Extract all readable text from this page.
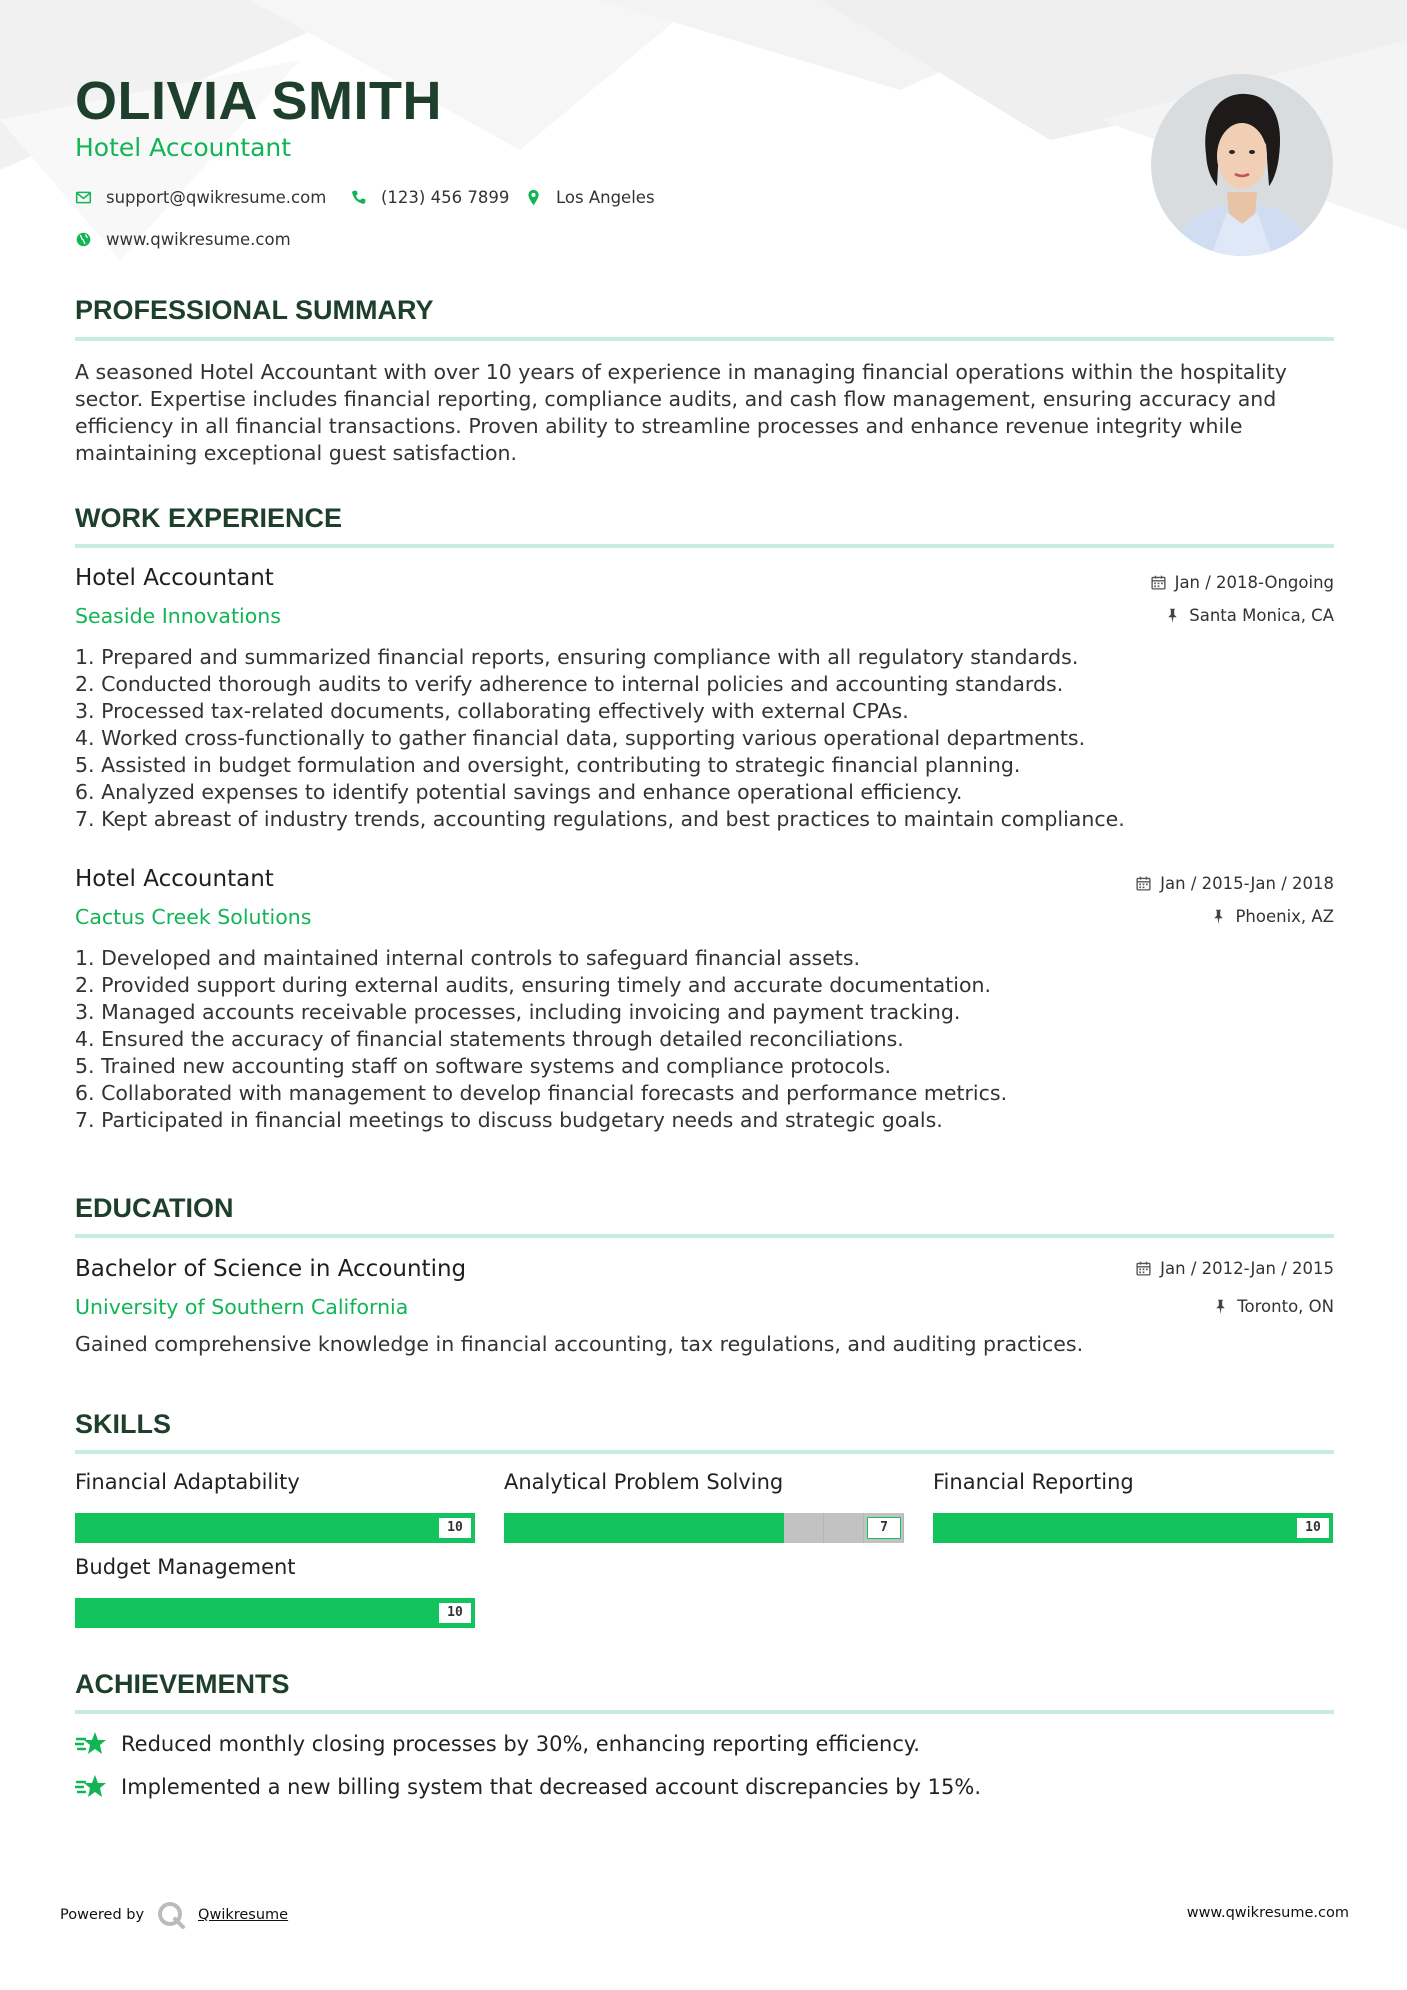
OLIVIA SMITH

Hotel Accountant

support@qwikresume.com	(123) 456 7899	Los Angeles
www.qwikresume.com
PROFESSIONAL SUMMARY

A seasoned Hotel Accountant with over 10 years of experience in managing financial operations within the hospitality sector. Expertise includes financial reporting, compliance audits, and cash flow management, ensuring accuracy and efficiency in all financial transactions. Proven ability to streamline processes and enhance revenue integrity while maintaining exceptional guest satisfaction.

WORK EXPERIENCE

Hotel Accountant

Seaside Innovations

Jan / 2018-Ongoing
Santa Monica, CA
1. Prepared and summarized financial reports, ensuring compliance with all regulatory standards.
2. Conducted thorough audits to verify adherence to internal policies and accounting standards.
3. Processed tax-related documents, collaborating effectively with external CPAs.
4. Worked cross-functionally to gather financial data, supporting various operational departments.
5. Assisted in budget formulation and oversight, contributing to strategic financial planning.
6. Analyzed expenses to identify potential savings and enhance operational efficiency.
7. Kept abreast of industry trends, accounting regulations, and best practices to maintain compliance.

Hotel Accountant

Cactus Creek Solutions

Jan / 2015-Jan / 2018
Phoenix, AZ
1. Developed and maintained internal controls to safeguard financial assets.
2. Provided support during external audits, ensuring timely and accurate documentation.
3. Managed accounts receivable processes, including invoicing and payment tracking.
4. Ensured the accuracy of financial statements through detailed reconciliations.
5. Trained new accounting staff on software systems and compliance protocols.
6. Collaborated with management to develop financial forecasts and performance metrics.
7. Participated in financial meetings to discuss budgetary needs and strategic goals.
EDUCATION

Bachelor of Science in Accounting

University of Southern California

Jan / 2012-Jan / 2015
Toronto, ON

Gained comprehensive knowledge in financial accounting, tax regulations, and auditing practices.

SKILLS
Financial Adaptability
10
Analytical Problem Solving
7
Financial Reporting
10
Budget Management
10
ACHIEVEMENTS
Reduced monthly closing processes by 30%, enhancing reporting efficiency.
Implemented a new billing system that decreased account discrepancies by 15%.
Powered by	Qwikresume	www.qwikresume.com
